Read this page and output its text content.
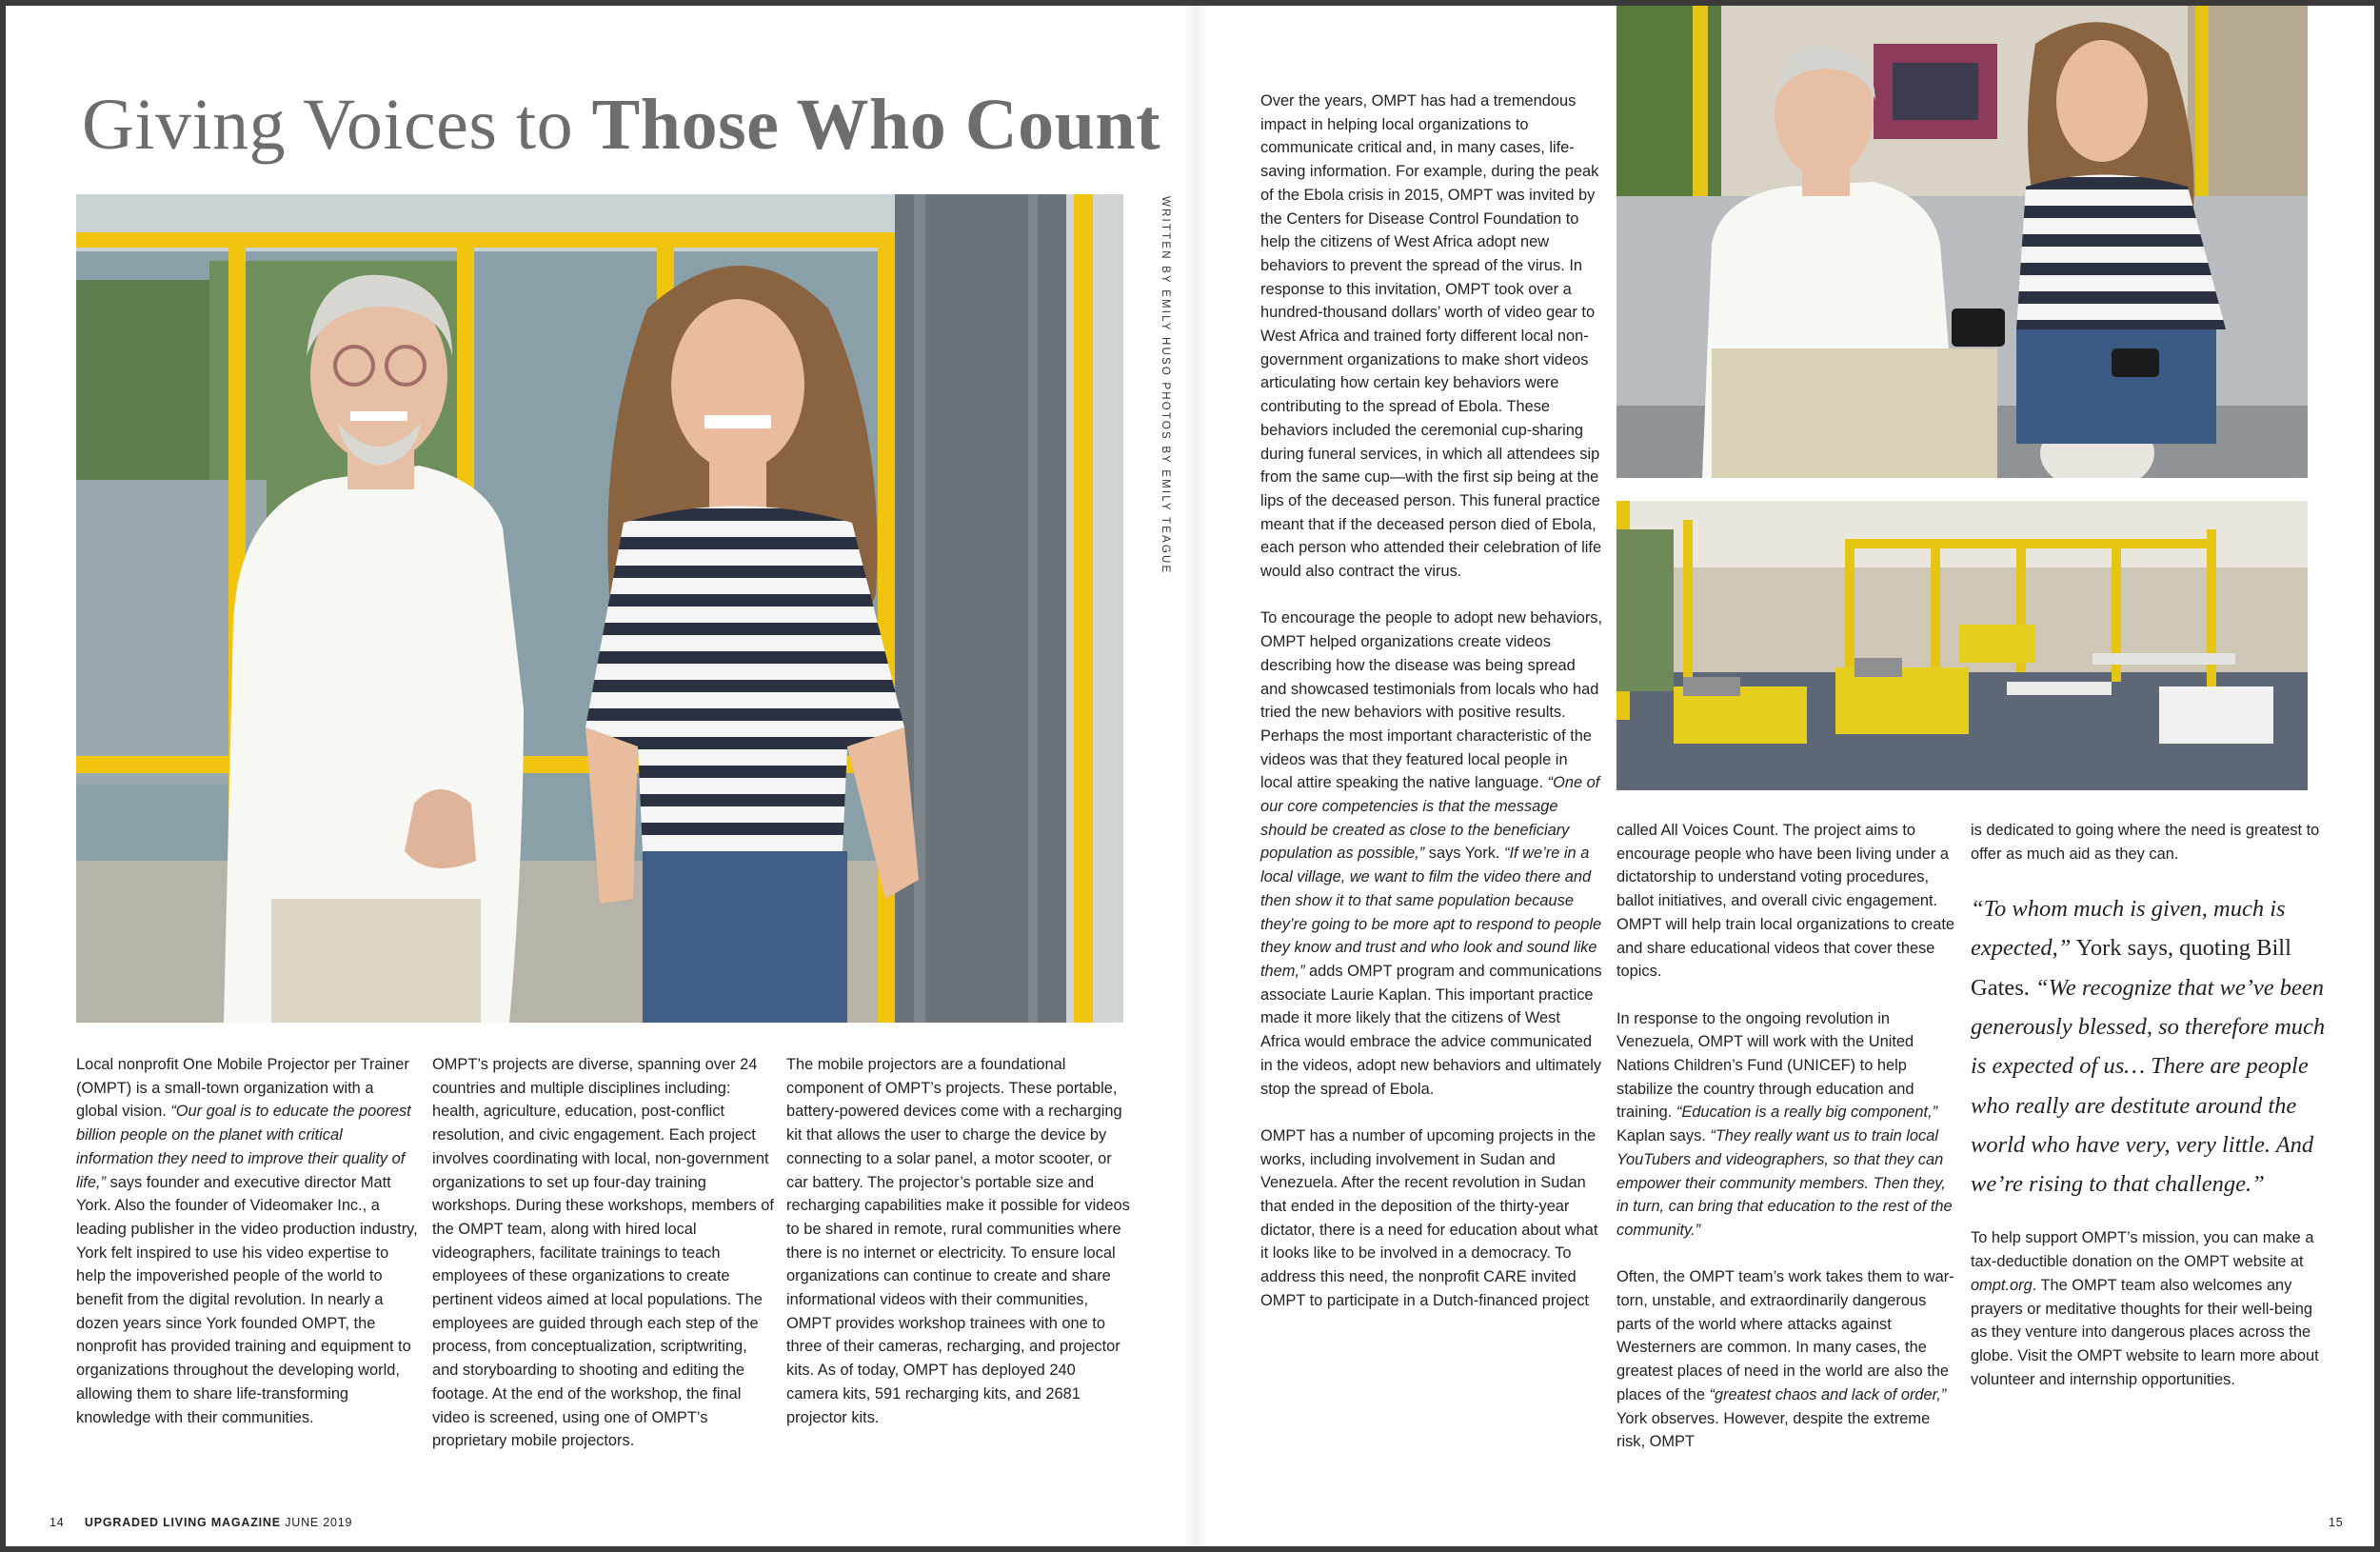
Giving Voices to Those Who Count
WRITTEN BY EMILY HUSO PHOTOS BY EMILY TEAGUE

Local nonprofit One Mobile Projector per Trainer (OMPT) is a small-town organization with a global vision. “Our goal is to educate the poorest billion people on the planet with critical information they need to improve their quality of life,” says founder and executive director Matt York. Also the founder of Videomaker Inc., a leading publisher in the video production industry, York felt inspired to use his video expertise to help the impoverished people of the world to benefit from the digital revolution. In nearly a dozen years since York founded OMPT, the nonprofit has provided training and equipment to organizations throughout the developing world, allowing them to share life-transforming knowledge with their communities.

OMPT’s projects are diverse, spanning over 24 countries and multiple disciplines including: health, agriculture, education, post-conflict resolution, and civic engagement. Each project involves coordinating with local, non-government organizations to set up four-day training workshops. During these workshops, members of the OMPT team, along with hired local videographers, facilitate trainings to teach employees of these organizations to create pertinent videos aimed at local populations. The employees are guided through each step of the process, from conceptualization, scriptwriting, and storyboarding to shooting and editing the footage. At the end of the workshop, the final video is screened, using one of OMPT’s proprietary mobile projectors.

The mobile projectors are a foundational component of OMPT’s projects. These portable, battery-powered devices come with a recharging kit that allows the user to charge the device by connecting to a solar panel, a motor scooter, or car battery. The projector’s portable size and recharging capabilities make it possible for videos to be shared in remote, rural communities where there is no internet or electricity. To ensure local organizations can continue to create and share informational videos with their communities, OMPT provides workshop trainees with one to three of their cameras, recharging, and projector kits. As of today, OMPT has deployed 240 camera kits, 591 recharging kits, and 2681 projector kits.

Over the years, OMPT has had a tremendous impact in helping local organizations to communicate critical and, in many cases, life-saving information. For example, during the peak of the Ebola crisis in 2015, OMPT was invited by the Centers for Disease Control Foundation to help the citizens of West Africa adopt new behaviors to prevent the spread of the virus. In response to this invitation, OMPT took over a hundred-thousand dollars’ worth of video gear to West Africa and trained forty different local non-government organizations to make short videos articulating how certain key behaviors were contributing to the spread of Ebola. These behaviors included the ceremonial cup-sharing during funeral services, in which all attendees sip from the same cup—with the first sip being at the lips of the deceased person. This funeral practice meant that if the deceased person died of Ebola, each person who attended their celebration of life would also contract the virus.

To encourage the people to adopt new behaviors, OMPT helped organizations create videos describing how the disease was being spread and showcased testimonials from locals who had tried the new behaviors with positive results. Perhaps the most important characteristic of the videos was that they featured local people in local attire speaking the native language. “One of our core competencies is that the message should be created as close to the beneficiary population as possible,” says York. “If we’re in a local village, we want to film the video there and then show it to that same population because they’re going to be more apt to respond to people they know and trust and who look and sound like them,” adds OMPT program and communications associate Laurie Kaplan. This important practice made it more likely that the citizens of West Africa would embrace the advice communicated in the videos, adopt new behaviors and ultimately stop the spread of Ebola.

OMPT has a number of upcoming projects in the works, including involvement in Sudan and Venezuela. After the recent revolution in Sudan that ended in the deposition of the thirty-year dictator, there is a need for education about what it looks like to be involved in a democracy. To address this need, the nonprofit CARE invited OMPT to participate in a Dutch-financed project

called All Voices Count. The project aims to encourage people who have been living under a dictatorship to understand voting procedures, ballot initiatives, and overall civic engagement. OMPT will help train local organizations to create and share educational videos that cover these topics.

In response to the ongoing revolution in Venezuela, OMPT will work with the United Nations Children’s Fund (UNICEF) to help stabilize the country through education and training. “Education is a really big component,” Kaplan says. “They really want us to train local YouTubers and videographers, so that they can empower their community members. Then they, in turn, can bring that education to the rest of the community.”

Often, the OMPT team’s work takes them to war-torn, unstable, and extraordinarily dangerous parts of the world where attacks against Westerners are common. In many cases, the greatest places of need in the world are also the places of the “greatest chaos and lack of order,” York observes. However, despite the extreme risk, OMPT

is dedicated to going where the need is greatest to offer as much aid as they can.

“To whom much is given, much is expected,” York says, quoting Bill Gates. “We recognize that we’ve been generously blessed, so therefore much is expected of us… There are people who really are destitute around the world who have very, very little. And we’re rising to that challenge.”

To help support OMPT’s mission, you can make a tax-deductible donation on the OMPT website at ompt.org. The OMPT team also welcomes any prayers or meditative thoughts for their well-being as they venture into dangerous places across the globe. Visit the OMPT website to learn more about volunteer and internship opportunities.

14 UPGRADED LIVING MAGAZINE JUNE 2019	15
